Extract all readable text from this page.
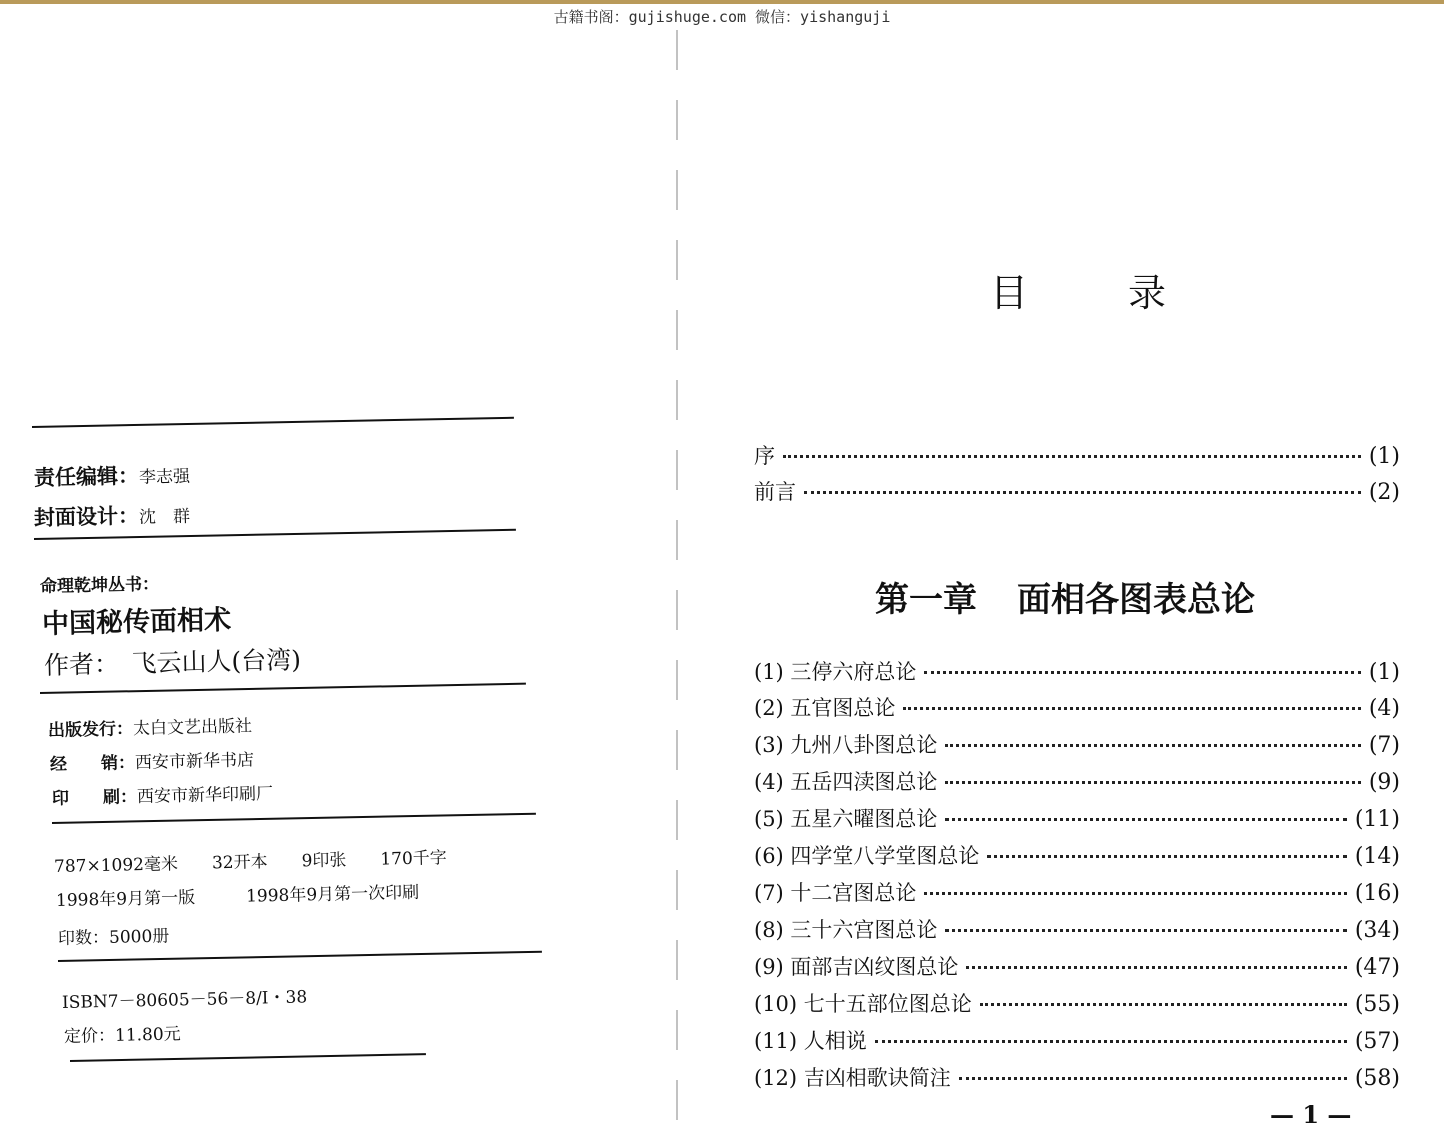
古籍书阁：gujishuge.com 微信：yishanguji
责任编辑：李志强
封面设计：沈　群
命理乾坤丛书：
中国秘传面相术
作者：　飞云山人(台湾)
出版发行：太白文艺出版社
经　　销：西安市新华书店
印　　刷：西安市新华印刷厂
787×1092毫米　　32开本　　9印张　　170千字
1998年9月第一版　　　1998年9月第一次印刷
印数：5000册
ISBN7－80605－56－8/I・38
定价：11.80元
目录
序	(1)
前言	(2)
第一章 面相各图表总论
(1) 三停六府总论	(1)
(2) 五官图总论	(4)
(3) 九州八卦图总论	(7)
(4) 五岳四渎图总论	(9)
(5) 五星六曜图总论	(11)
(6) 四学堂八学堂图总论	(14)
(7) 十二宫图总论	(16)
(8) 三十六宫图总论	(34)
(9) 面部吉凶纹图总论	(47)
(10) 七十五部位图总论	(55)
(11) 人相说	(57)
(12) 吉凶相歌诀简注	(58)
— 1 —
